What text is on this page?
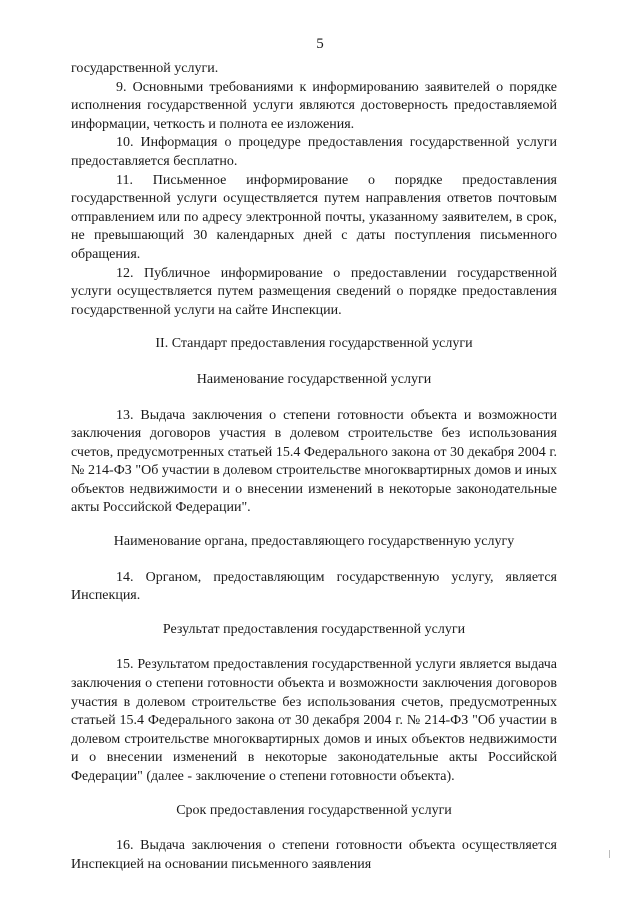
5

государственной услуги.

9. Основными требованиями к информированию заявителей о порядке исполнения государственной услуги являются достоверность предоставляемой информации, четкость и полнота ее изложения.

10. Информация о процедуре предоставления государственной услуги предоставляется бесплатно.

11. Письменное информирование о порядке предоставления государственной услуги осуществляется путем направления ответов почтовым отправлением или по адресу электронной почты, указанному заявителем, в срок, не превышающий 30 календарных дней с даты поступления письменного обращения.

12. Публичное информирование о предоставлении государственной услуги осуществляется путем размещения сведений о порядке предоставления государственной услуги на сайте Инспекции.

II. Стандарт предоставления государственной услуги

Наименование государственной услуги

13. Выдача заключения о степени готовности объекта и возможности заключения договоров участия в долевом строительстве без использования счетов, предусмотренных статьей 15.4 Федерального закона от 30 декабря 2004 г. № 214-ФЗ "Об участии в долевом строительстве многоквартирных домов и иных объектов недвижимости и о внесении изменений в некоторые законодательные акты Российской Федерации".

Наименование органа, предоставляющего государственную услугу

14. Органом, предоставляющим государственную услугу, является Инспекция.

Результат предоставления государственной услуги

15. Результатом предоставления государственной услуги является выдача заключения о степени готовности объекта и возможности заключения договоров участия в долевом строительстве без использования счетов, предусмотренных статьей 15.4 Федерального закона от 30 декабря 2004 г. № 214-ФЗ "Об участии в долевом строительстве многоквартирных домов и иных объектов недвижимости и о внесении изменений в некоторые законодательные акты Российской Федерации" (далее - заключение о степени готовности объекта).

Срок предоставления государственной услуги

16. Выдача заключения о степени готовности объекта осуществляется Инспекцией на основании письменного заявления
